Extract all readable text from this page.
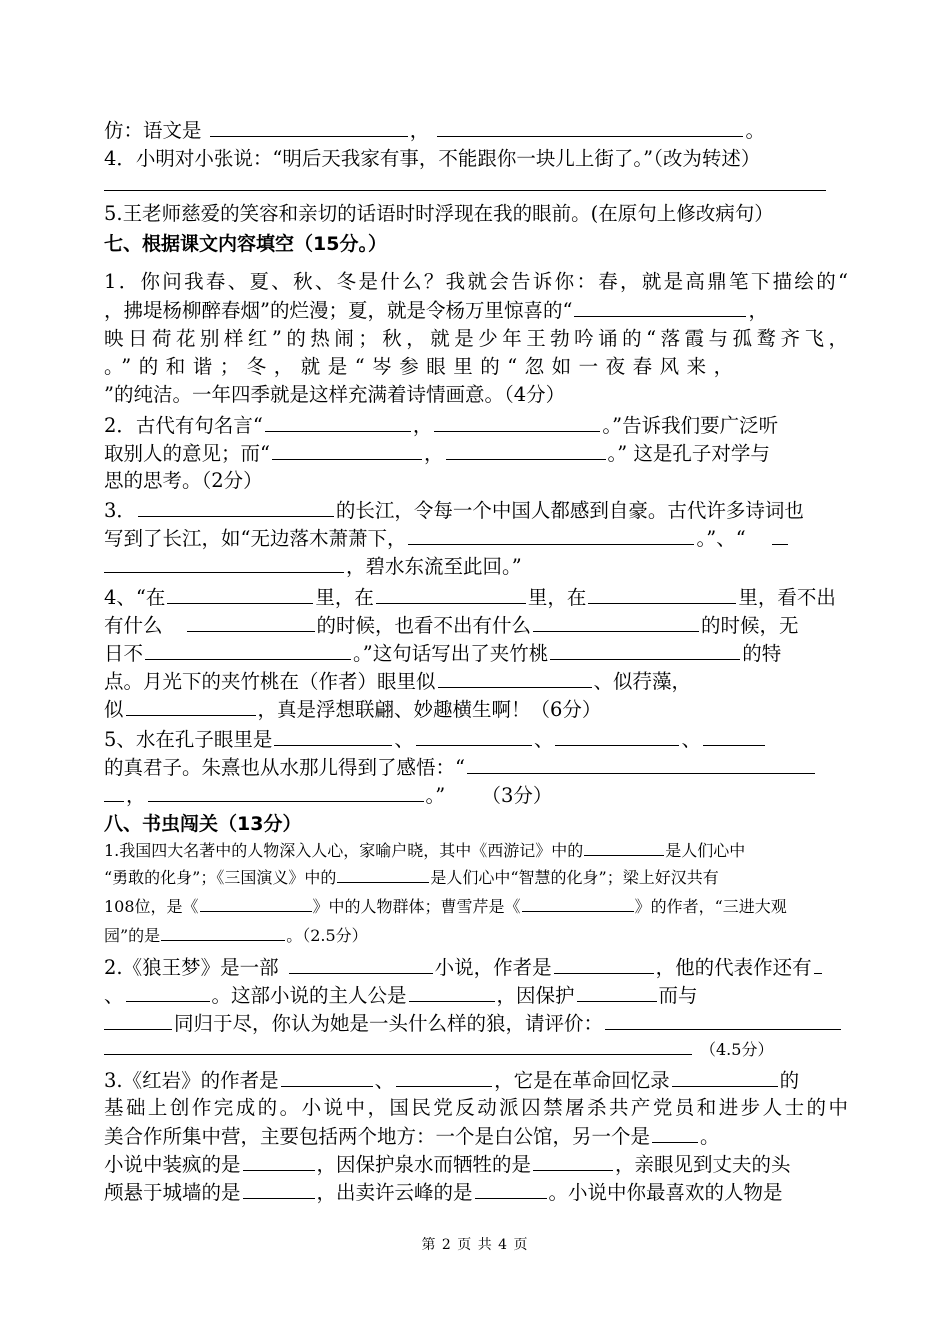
仿：语文是	，	。
4．小明对小张说：“明后天我家有事，不能跟你一块儿上街了。”（改为转述）
5.王老师慈爱的笑容和亲切的话语时时浮现在我的眼前。(在原句上修改病句）
七、根据课文内容填空（15分。）
1．你问我春、夏、秋、冬是什么？我就会告诉你：春，就是高鼎笔下描绘的“
，拂堤杨柳醉春烟”的烂漫；夏，就是令杨万里惊喜的“	，
映日荷花别样红”的热闹；秋，就是少年王勃吟诵的“落霞与孤鹜齐飞，
。”的和谐；冬，就是“岑参眼里的“忽如一夜春风来，
”的纯洁。一年四季就是这样充满着诗情画意。（4分）
2．古代有句名言“	，	。”告诉我们要广泛听
取别人的意见；而“	，	。” 这是孔子对学与
思的思考。（2分）
3．	的长江，令每一个中国人都感到自豪。古代许多诗词也
写到了长江，如“无边落木萧萧下，	。”、“
，碧水东流至此回。”
4、“在	里，在	里，在	里，看不出
有什么	的时候，也看不出有什么	的时候，无
日不	。”这句话写出了夹竹桃	的特
点。月光下的夹竹桃在（作者）眼里似	、似荇藻，
似	，真是浮想联翩、妙趣横生啊！（6分）
5、水在孔子眼里是	、	、	、
的真君子。朱熹也从水那儿得到了感悟：“
，	。” （3分）
八、书虫闯关（13分）
1.我国四大名著中的人物深入人心，家喻户晓，其中《西游记》中的	是人们心中
“勇敢的化身”；《三国演义》中的	是人们心中“智慧的化身”；梁上好汉共有
108位，是《	》中的人物群体；曹雪芹是《	》的作者，“三进大观
园”的是	。（2.5分）
2.《狼王梦》是一部	小说，作者是	，他的代表作还有
、	。这部小说的主人公是	，因保护	而与
同归于尽，你认为她是一头什么样的狼，请评价：
（4.5分）
3.《红岩》的作者是	、	，它是在革命回忆录	的
基础上创作完成的。小说中，国民党反动派囚禁屠杀共产党员和进步人士的中
美合作所集中营，主要包括两个地方：一个是白公馆，另一个是	。
小说中装疯的是	，因保护泉水而牺牲的是	，亲眼见到丈夫的头
颅悬于城墙的是	，出卖许云峰的是	。小说中你最喜欢的人物是
第 2 页 共 4 页
